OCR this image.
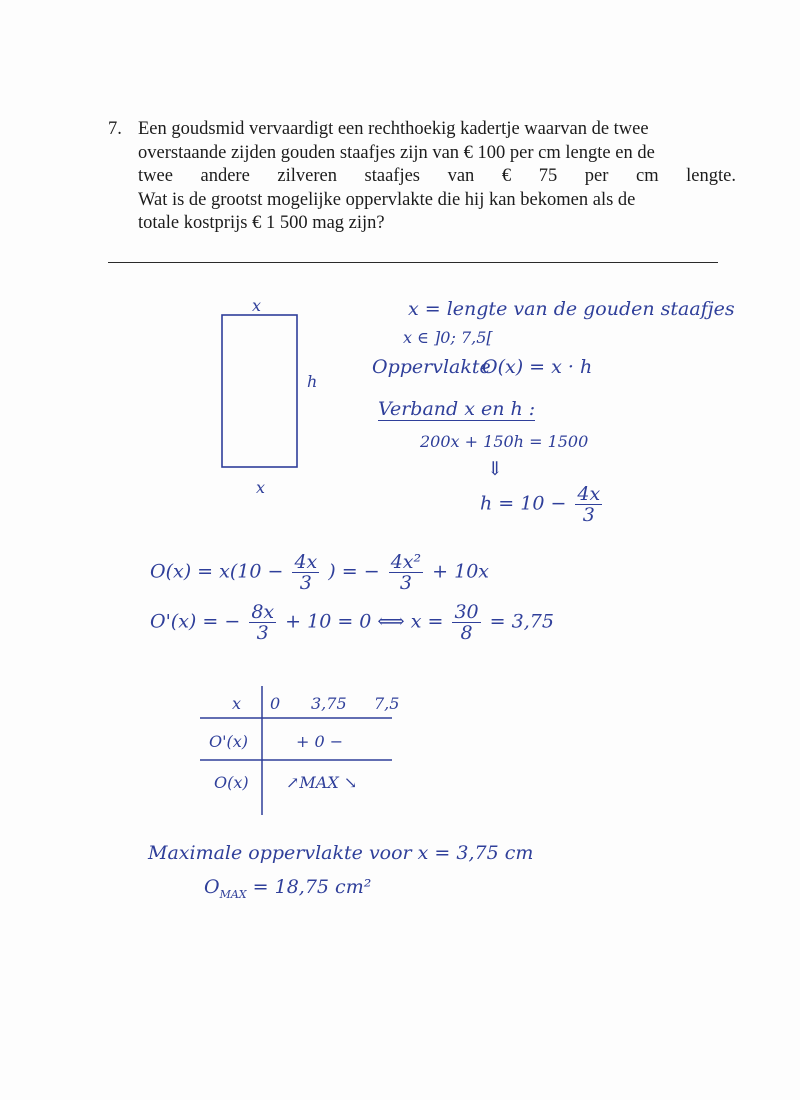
7. Een goudsmid vervaardigt een rechthoekig kadertje waarvan de twee
overstaande zijden gouden staafjes zijn van € 100 per cm lengte en de
twee andere zilveren staafjes van € 75 per cm lengte.
Wat is de grootst mogelijke oppervlakte die hij kan bekomen als de
totale kostprijs € 1 500 mag zijn?
x
h
x
x = lengte van de gouden staafjes
x ∈ ]0; 7,5[
Oppervlakte
O(x) = x · h
Verband x en h :
200x + 150h = 1500
⇓
$h = 10 - \frac{4x}{3}$
$O(x) = x(10 - \frac{4x}{3}$ ) = − $\frac{\text{4x²}}{3} + 10x$
O'(x) = − $\frac{8x}{3} + 10 = 0$ ⟺ $x = \frac{30}{8} = 3,75$
x
O'(x)
O(x)
0 3,75 7,5
+ 0 −
↗MAX ↘
Maximale oppervlakte voor x = 3,75 cm
$O_{MAX} = 18,75$ cm²
